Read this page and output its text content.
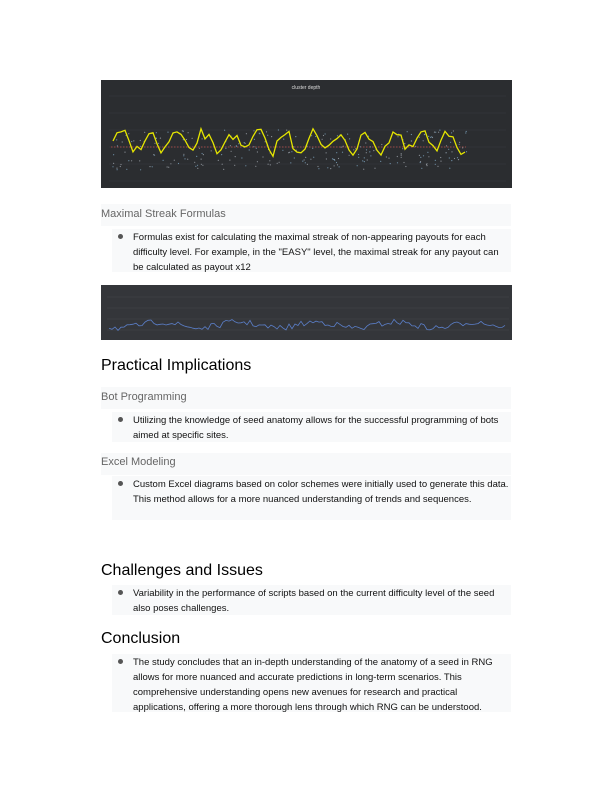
cluster depth
Maximal Streak Formulas
Formulas exist for calculating the maximal streak of non-appearing payouts for each difficulty level. For example, in the "EASY" level, the maximal streak for any payout can be calculated as payout x12
Practical Implications
Bot Programming
Utilizing the knowledge of seed anatomy allows for the successful programming of bots aimed at specific sites.
Excel Modeling
Custom Excel diagrams based on color schemes were initially used to generate this data. This method allows for a more nuanced understanding of trends and sequences.
Challenges and Issues
Variability in the performance of scripts based on the current difficulty level of the seed also poses challenges.
Conclusion
The study concludes that an in-depth understanding of the anatomy of a seed in RNG allows for more nuanced and accurate predictions in long-term scenarios. This comprehensive understanding opens new avenues for research and practical applications, offering a more thorough lens through which RNG can be understood.
